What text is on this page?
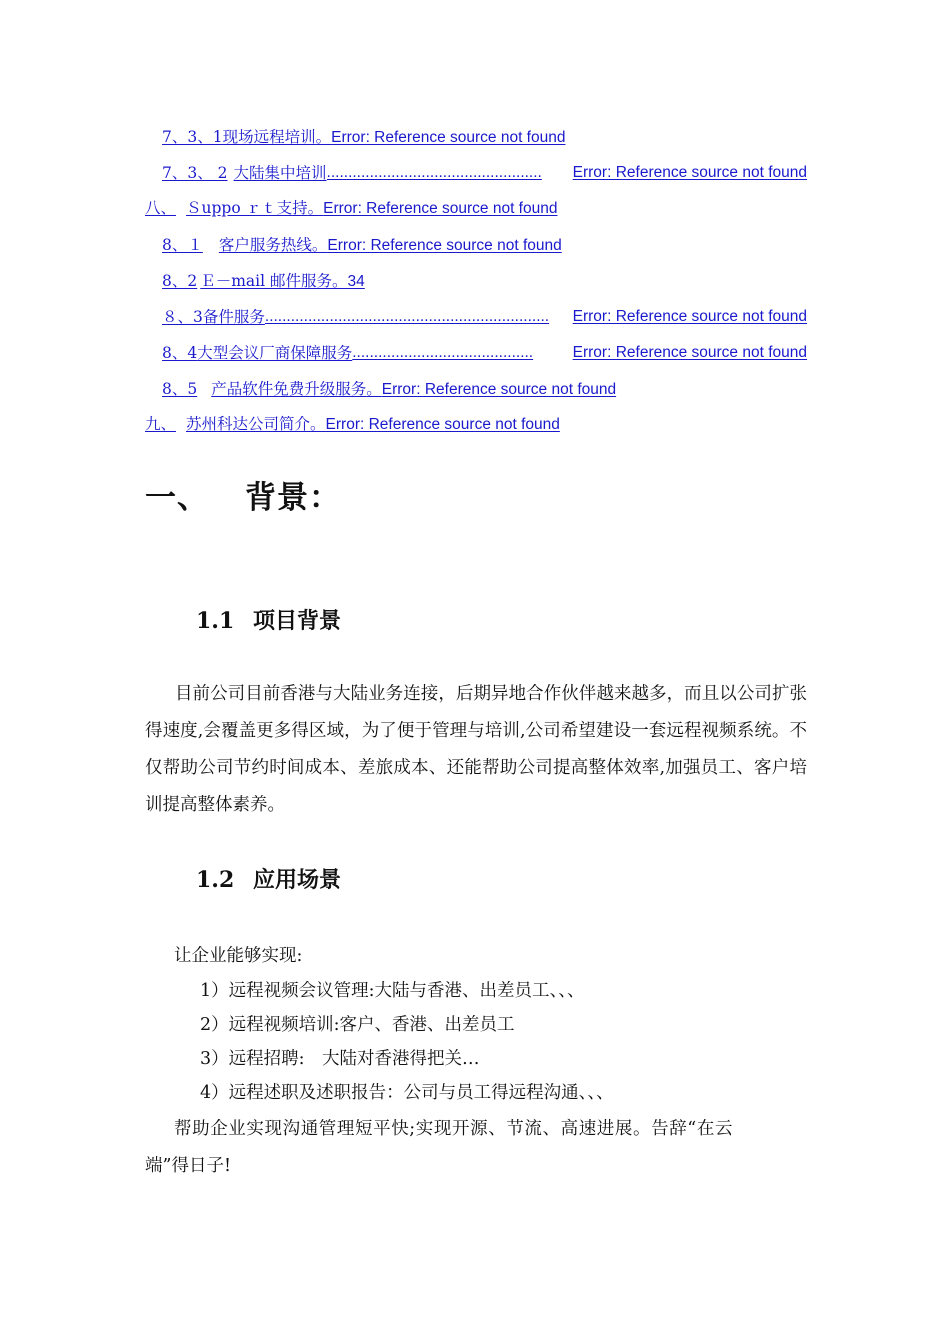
7、3、1现场远程培训。Error: Reference source not found
7、3、 2 大陆集中培训 ..................................................	Error: Reference source not found
八、 Ｓuppo ｒｔ支持。Error: Reference source not found
8、１ 客户服务热线。Error: Reference source not found
8、2 Ｅ－mail 邮件服务。34
８、3 备件服务 ..................................................................	Error: Reference source not found
8、4 大型会议厂商保障服务 ..........................................	Error: Reference source not found
8、5 产品软件免费升级服务。Error: Reference source not found
九、 苏州科达公司简介。Error: Reference source not found
一、 背景：
1.1 项目背景
目前公司目前香港与大陆业务连接，后期异地合作伙伴越来越多，而且以公司扩张得速度,会覆盖更多得区域，为了便于管理与培训,公司希望建设一套远程视频系统。不仅帮助公司节约时间成本、差旅成本、还能帮助公司提高整体效率,加强员工、客户培训提高整体素养。
1.2 应用场景
让企业能够实现:
1）远程视频会议管理:大陆与香港、出差员工、、、
2）远程视频培训:客户、香港、出差员工
3）远程招聘:　大陆对香港得把关…
4）远程述职及述职报告：公司与员工得远程沟通、、、
帮助企业实现沟通管理短平快;实现开源、节流、高速进展。告辞“在云
端”得日子!
